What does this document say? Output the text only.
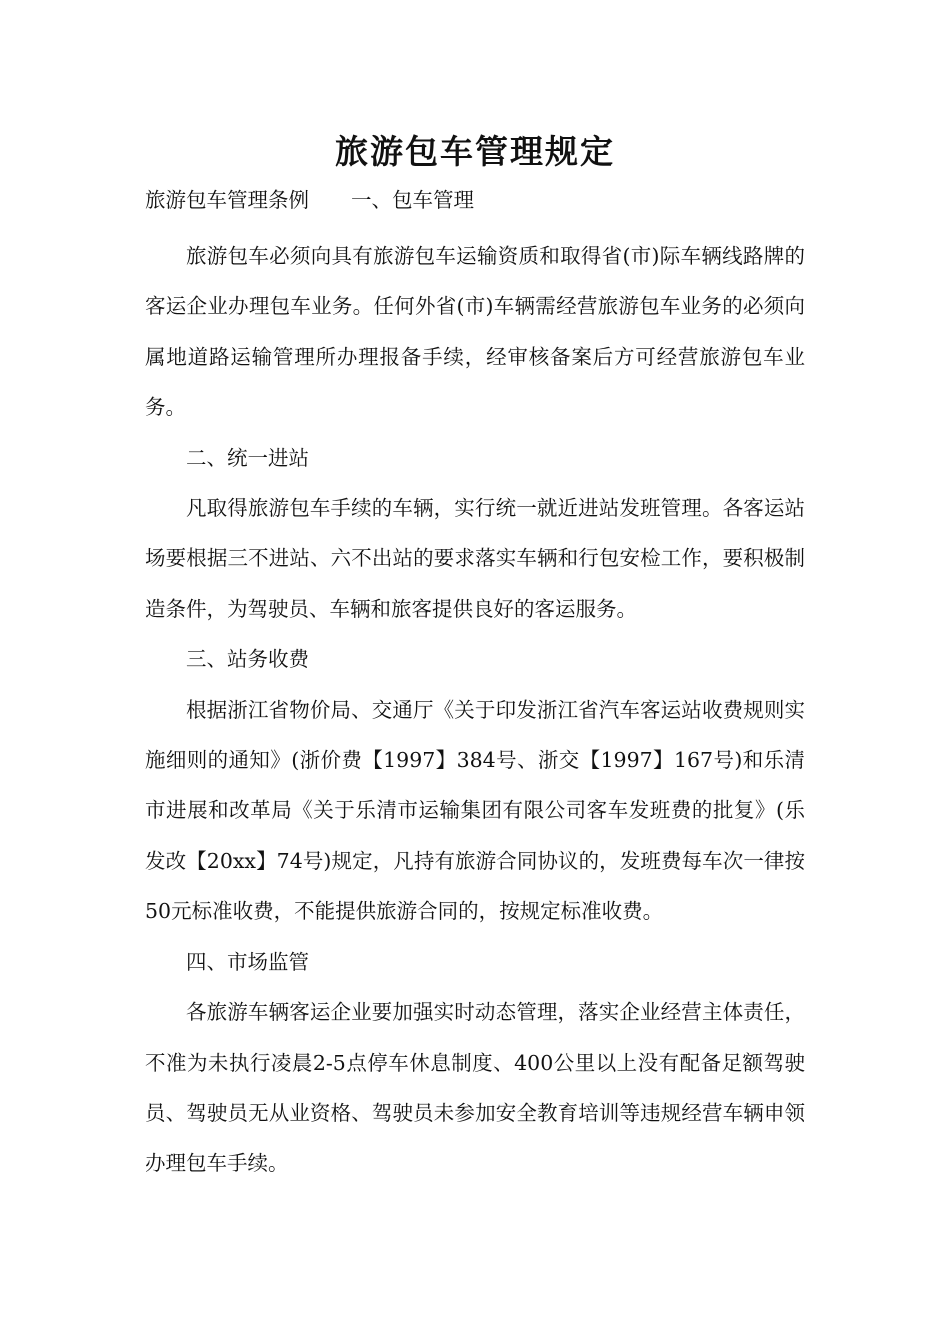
旅游包车管理规定
旅游包车管理条例 一、包车管理

旅游包车必须向具有旅游包车运输资质和取得省(市)际车辆线路牌的客运企业办理包车业务。任何外省(市)车辆需经营旅游包车业务的必须向属地道路运输管理所办理报备手续，经审核备案后方可经营旅游包车业务。

二、统一进站

凡取得旅游包车手续的车辆，实行统一就近进站发班管理。各客运站场要根据三不进站、六不出站的要求落实车辆和行包安检工作，要积极制造条件，为驾驶员、车辆和旅客提供良好的客运服务。

三、站务收费

根据浙江省物价局、交通厅《关于印发浙江省汽车客运站收费规则实施细则的通知》(浙价费【1997】384号、浙交【1997】167号)和乐清市进展和改革局《关于乐清市运输集团有限公司客车发班费的批复》(乐发改【20xx】74号)规定，凡持有旅游合同协议的，发班费每车次一律按50元标准收费，不能提供旅游合同的，按规定标准收费。

四、市场监管

各旅游车辆客运企业要加强实时动态管理，落实企业经营主体责任，不准为未执行凌晨2-5点停车休息制度、400公里以上没有配备足额驾驶员、驾驶员无从业资格、驾驶员未参加安全教育培训等违规经营车辆申领办理包车手续。
